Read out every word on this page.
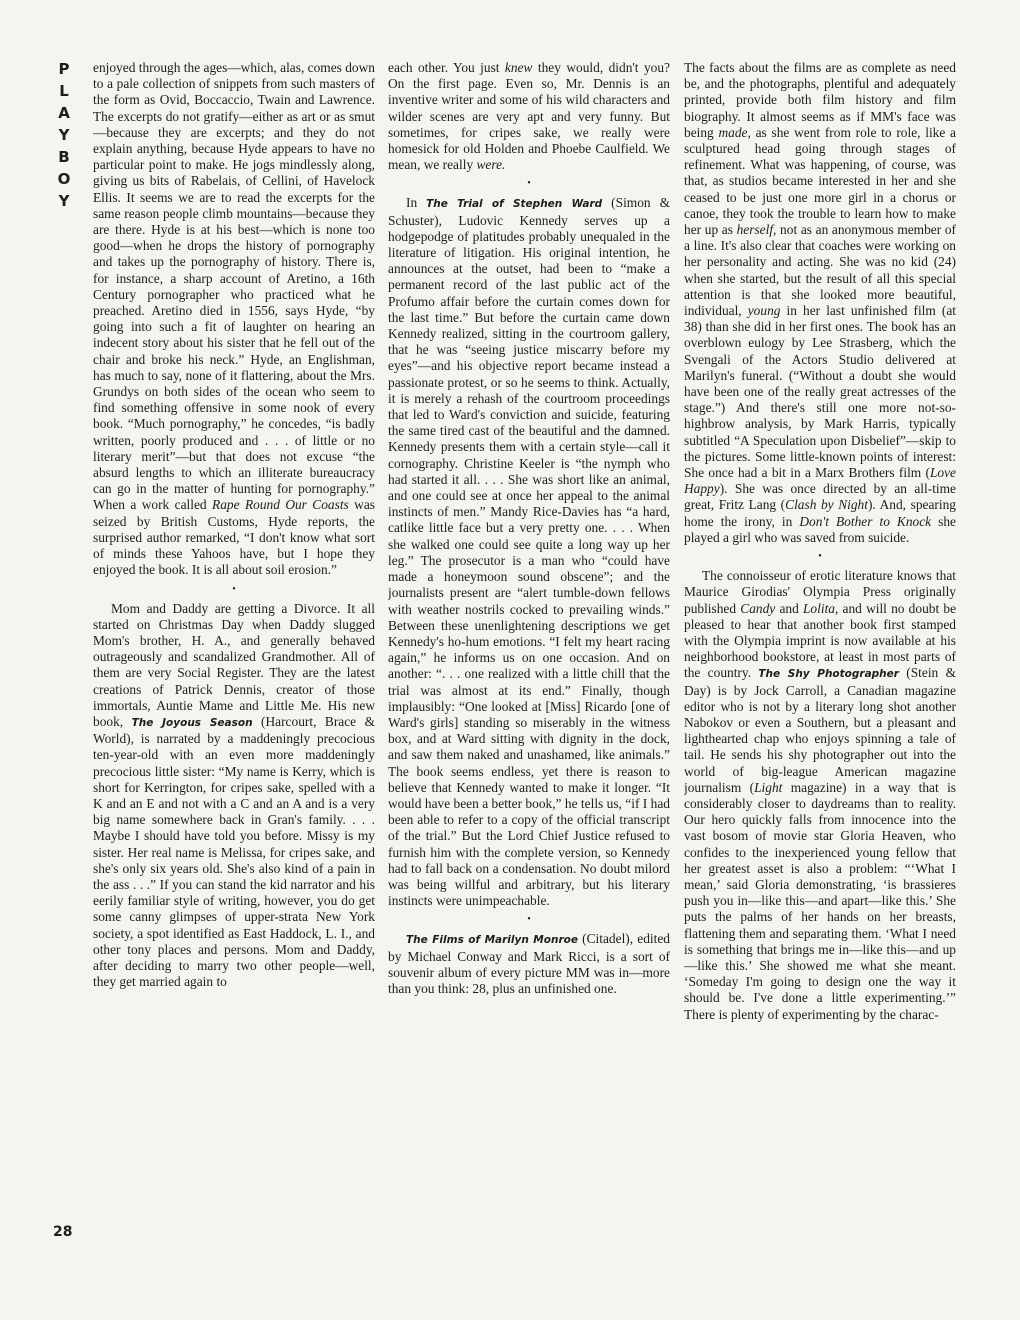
P
L
A
Y
B
O
Y
28

enjoyed through the ages—which, alas, comes down to a pale collection of snippets from such masters of the form as Ovid, Boccaccio, Twain and Lawrence. The excerpts do not gratify—either as art or as smut—because they are excerpts; and they do not explain anything, because Hyde appears to have no particular point to make. He jogs mindlessly along, giving us bits of Rabelais, of Cellini, of Havelock Ellis. It seems we are to read the excerpts for the same reason people climb mountains—because they are there. Hyde is at his best—which is none too good—when he drops the history of pornography and takes up the pornography of history. There is, for instance, a sharp account of Aretino, a 16th Century pornographer who practiced what he preached. Aretino died in 1556, says Hyde, “by going into such a fit of laughter on hearing an indecent story about his sister that he fell out of the chair and broke his neck.” Hyde, an Englishman, has much to say, none of it flattering, about the Mrs. Grundys on both sides of the ocean who seem to find something offensive in some nook of every book. “Much pornography,” he concedes, “is badly written, poorly produced and . . . of little or no literary merit”—but that does not excuse “the absurd lengths to which an illiterate bureaucracy can go in the matter of hunting for pornography.” When a work called Rape Round Our Coasts was seized by British Customs, Hyde reports, the surprised author remarked, “I don't know what sort of minds these Yahoos have, but I hope they enjoyed the book. It is all about soil erosion.”

•

Mom and Daddy are getting a Divorce. It all started on Christmas Day when Daddy slugged Mom's brother, H. A., and generally behaved outrageously and scandalized Grandmother. All of them are very Social Register. They are the latest creations of Patrick Dennis, creator of those immortals, Auntie Mame and Little Me. His new book, The Joyous Season (Harcourt, Brace & World), is narrated by a maddeningly precocious ten-year-old with an even more maddeningly precocious little sister: “My name is Kerry, which is short for Kerrington, for cripes sake, spelled with a K and an E and not with a C and an A and is a very big name somewhere back in Gran's family. . . . Maybe I should have told you before. Missy is my sister. Her real name is Melissa, for cripes sake, and she's only six years old. She's also kind of a pain in the ass . . .” If you can stand the kid narrator and his eerily familiar style of writing, however, you do get some canny glimpses of upper-strata New York society, a spot identified as East Haddock, L. I., and other tony places and persons. Mom and Daddy, after deciding to marry two other people—well, they get married again to

each other. You just knew they would, didn't you? On the first page. Even so, Mr. Dennis is an inventive writer and some of his wild characters and wilder scenes are very apt and very funny. But sometimes, for cripes sake, we really were homesick for old Holden and Phoebe Caulfield. We mean, we really were.

•

In The Trial of Stephen Ward (Simon & Schuster), Ludovic Kennedy serves up a hodgepodge of platitudes probably unequaled in the literature of litigation. His original intention, he announces at the outset, had been to “make a permanent record of the last public act of the Profumo affair before the curtain comes down for the last time.” But before the curtain came down Kennedy realized, sitting in the courtroom gallery, that he was “seeing justice miscarry before my eyes”—and his objective report became instead a passionate protest, or so he seems to think. Actually, it is merely a rehash of the courtroom proceedings that led to Ward's conviction and suicide, featuring the same tired cast of the beautiful and the damned. Kennedy presents them with a certain style—call it cornography. Christine Keeler is “the nymph who had started it all. . . . She was short like an animal, and one could see at once her appeal to the animal instincts of men.” Mandy Rice-Davies has “a hard, catlike little face but a very pretty one. . . . When she walked one could see quite a long way up her leg.” The prosecutor is a man who “could have made a honeymoon sound obscene”; and the journalists present are “alert tumble-down fellows with weather nostrils cocked to prevailing winds.” Between these unenlightening descriptions we get Kennedy's ho-hum emotions. “I felt my heart racing again,” he informs us on one occasion. And on another: “. . . one realized with a little chill that the trial was almost at its end.” Finally, though implausibly: “One looked at [Miss] Ricardo [one of Ward's girls] standing so miserably in the witness box, and at Ward sitting with dignity in the dock, and saw them naked and unashamed, like animals.” The book seems endless, yet there is reason to believe that Kennedy wanted to make it longer. “It would have been a better book,” he tells us, “if I had been able to refer to a copy of the official transcript of the trial.” But the Lord Chief Justice refused to furnish him with the complete version, so Kennedy had to fall back on a condensation. No doubt milord was being willful and arbitrary, but his literary instincts were unimpeachable.

•

The Films of Marilyn Monroe (Citadel), edited by Michael Conway and Mark Ricci, is a sort of souvenir album of every picture MM was in—more than you think: 28, plus an unfinished one.

The facts about the films are as complete as need be, and the photographs, plentiful and adequately printed, provide both film history and film biography. It almost seems as if MM's face was being made, as she went from role to role, like a sculptured head going through stages of refinement. What was happening, of course, was that, as studios became interested in her and she ceased to be just one more girl in a chorus or canoe, they took the trouble to learn how to make her up as herself, not as an anonymous member of a line. It's also clear that coaches were working on her personality and acting. She was no kid (24) when she started, but the result of all this special attention is that she looked more beautiful, individual, young in her last unfinished film (at 38) than she did in her first ones. The book has an overblown eulogy by Lee Strasberg, which the Svengali of the Actors Studio delivered at Marilyn's funeral. (“Without a doubt she would have been one of the really great actresses of the stage.”) And there's still one more not-so-highbrow analysis, by Mark Harris, typically subtitled “A Speculation upon Disbelief”—skip to the pictures. Some little-known points of interest: She once had a bit in a Marx Brothers film (Love Happy). She was once directed by an all-time great, Fritz Lang (Clash by Night). And, spearing home the irony, in Don't Bother to Knock she played a girl who was saved from suicide.

•

The connoisseur of erotic literature knows that Maurice Girodias' Olympia Press originally published Candy and Lolita, and will no doubt be pleased to hear that another book first stamped with the Olympia imprint is now available at his neighborhood bookstore, at least in most parts of the country. The Shy Photographer (Stein & Day) is by Jock Carroll, a Canadian magazine editor who is not by a literary long shot another Nabokov or even a Southern, but a pleasant and lighthearted chap who enjoys spinning a tale of tail. He sends his shy photographer out into the world of big-league American magazine journalism (Light magazine) in a way that is considerably closer to daydreams than to reality. Our hero quickly falls from innocence into the vast bosom of movie star Gloria Heaven, who confides to the inexperienced young fellow that her greatest asset is also a problem: “‘What I mean,’ said Gloria demonstrating, ‘is brassieres push you in—like this—and apart—like this.’ She puts the palms of her hands on her breasts, flattening them and separating them. ‘What I need is something that brings me in—like this—and up—like this.’ She showed me what she meant. ‘Someday I'm going to design one the way it should be. I've done a little experimenting.’” There is plenty of experimenting by the charac-
